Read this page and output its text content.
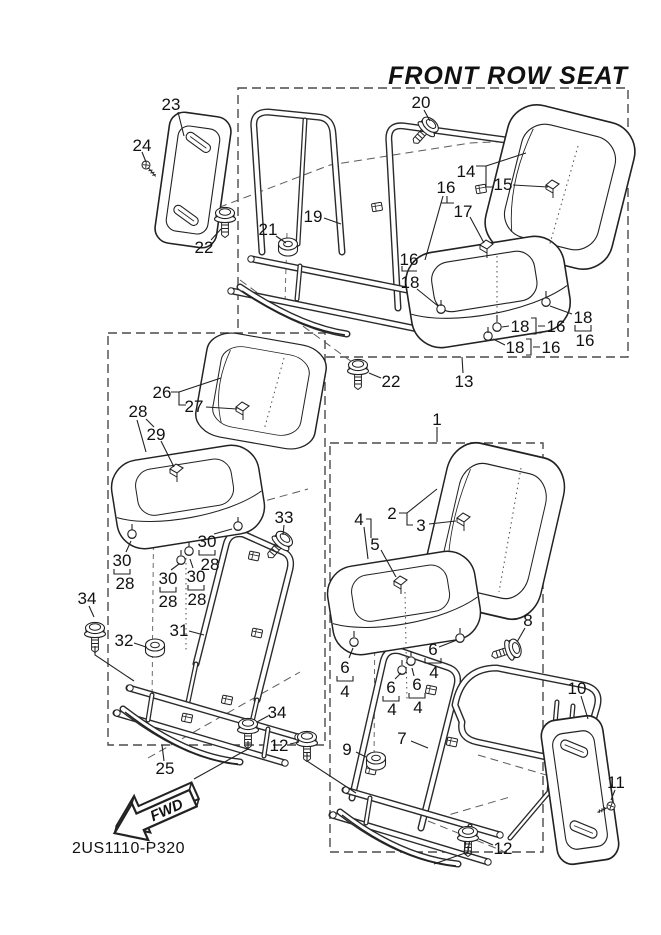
23	20
24
14
15
16
17
19
21
22
16
18
18 16 18
16
18 16
13
22
26
27
28
29
1
2
3
4
5
33
30
28
30
28 30
28
30
28
34
32
31
8
6
4 6
4
6
4
6
4
10
34
7
12	9
25
11
12
FRONT ROW SEAT
FWD
2US1110-P320
